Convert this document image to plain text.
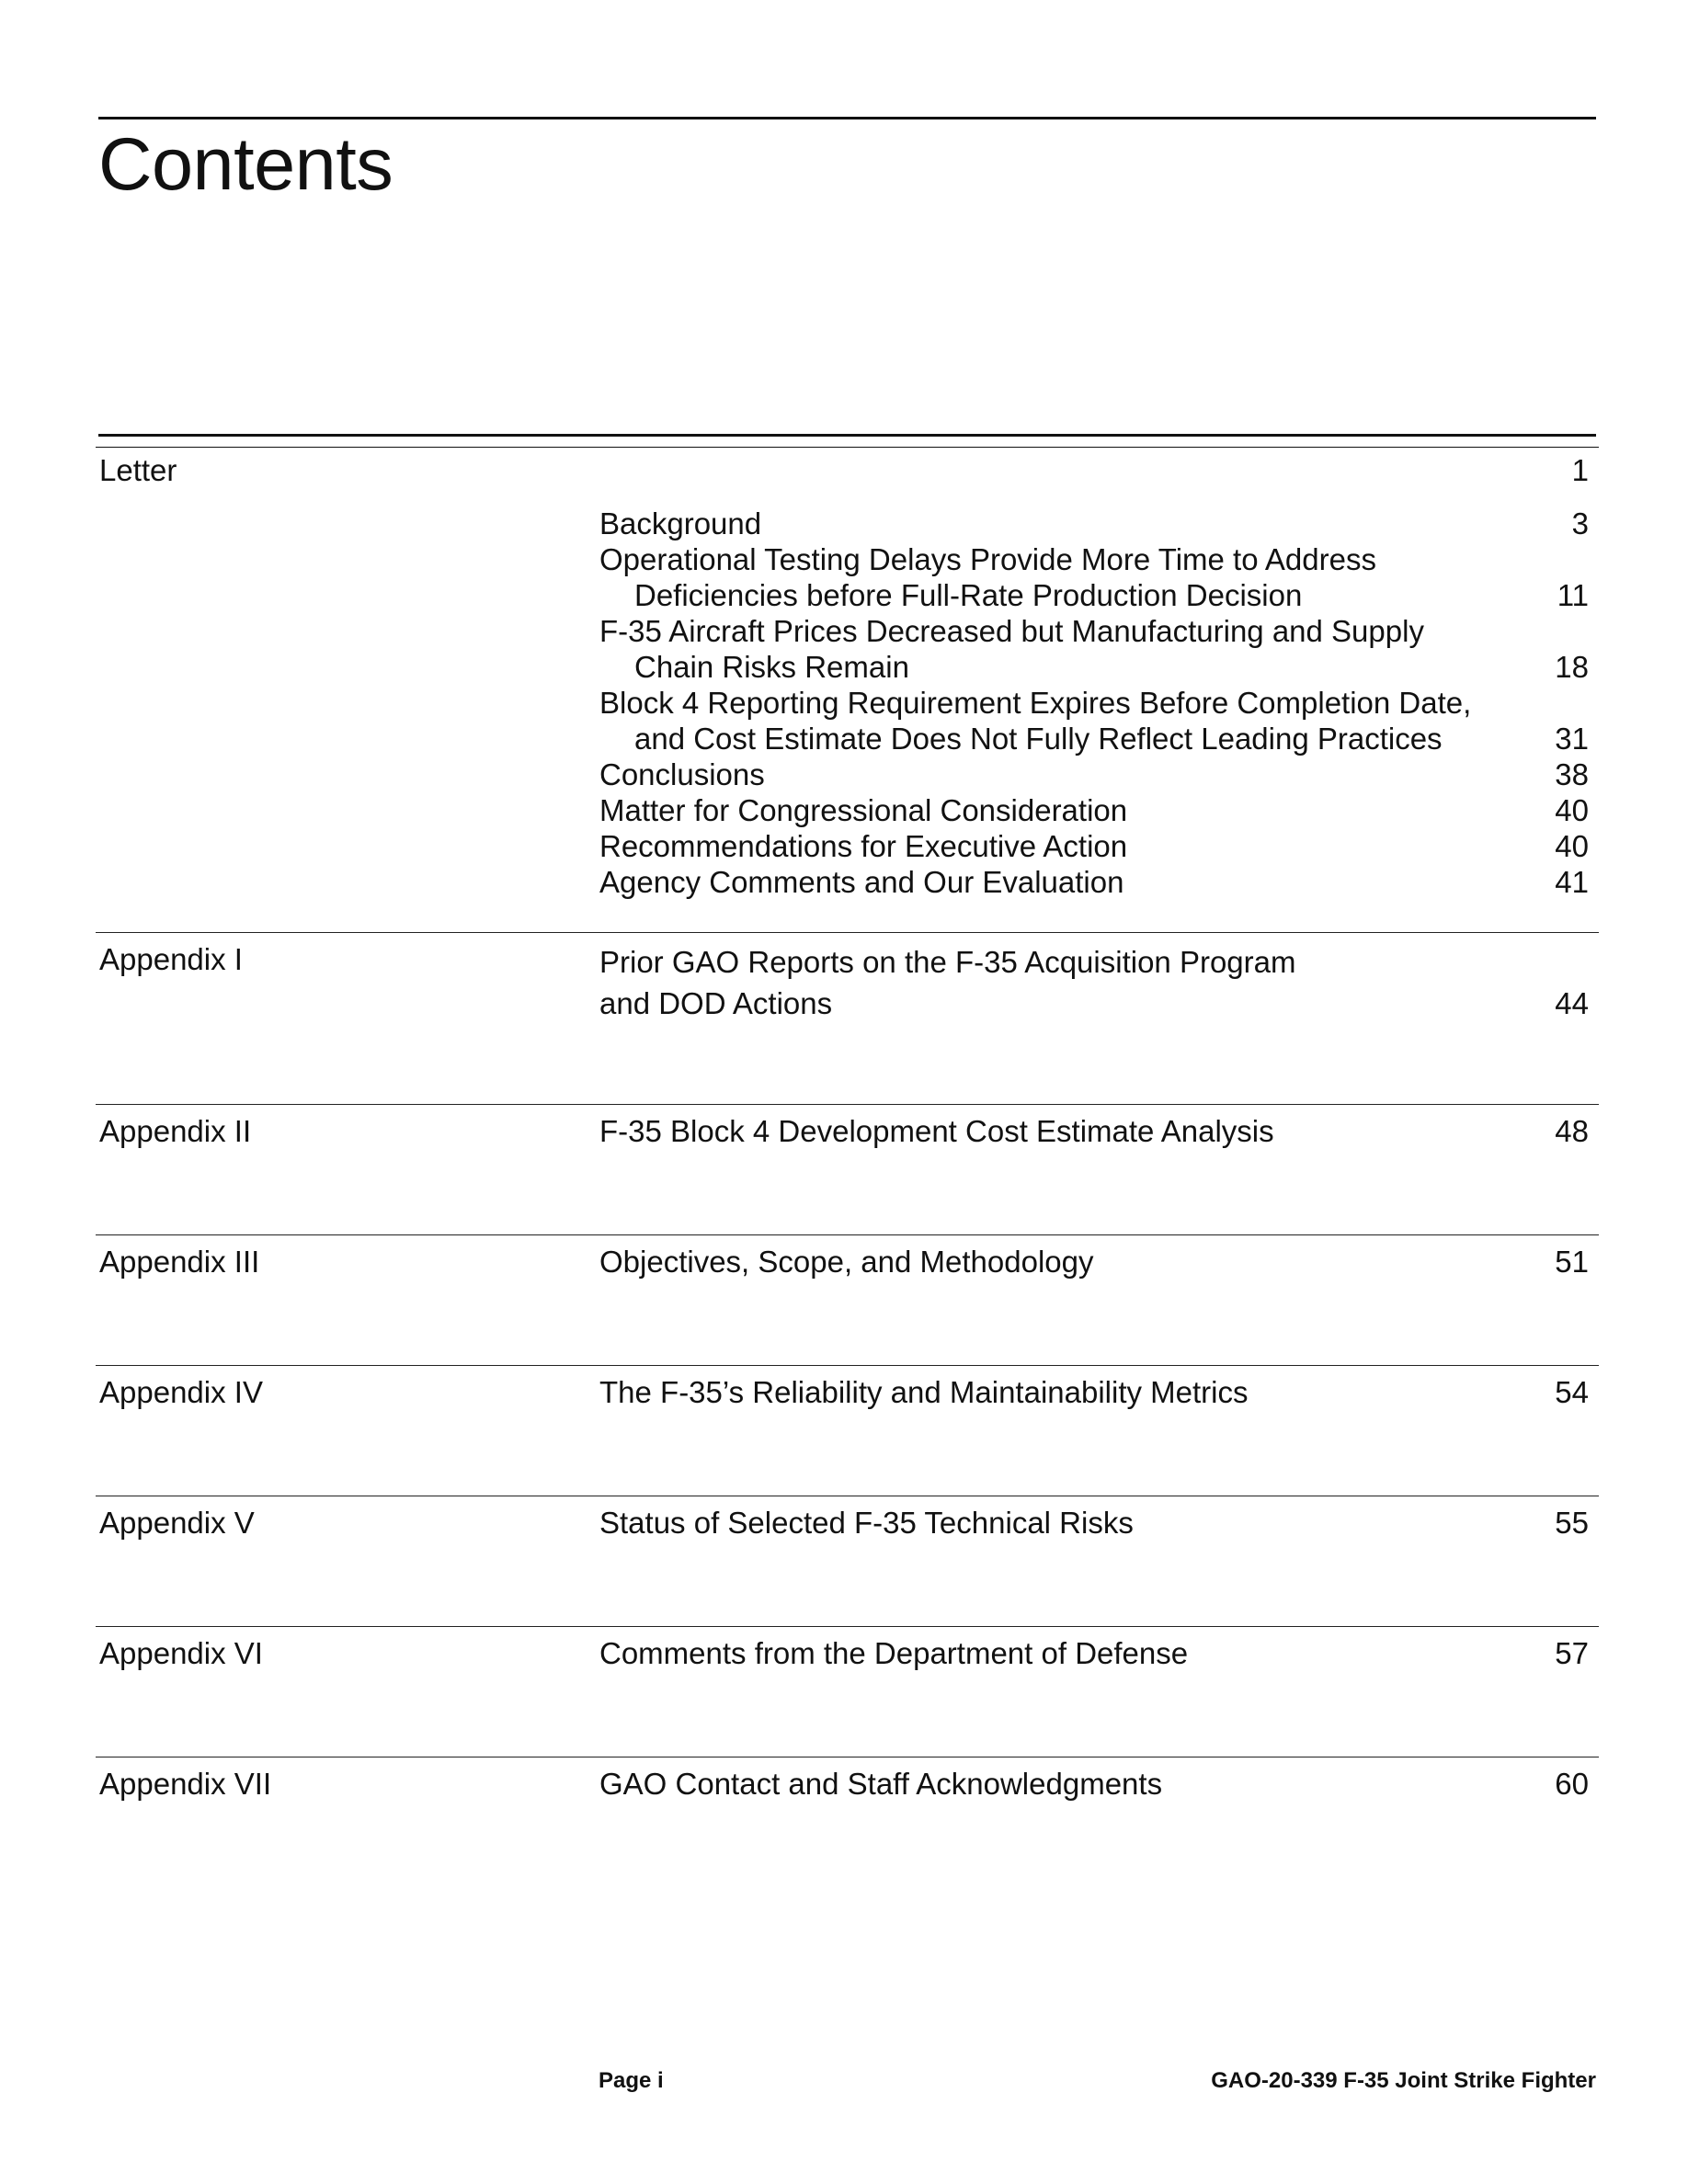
Contents
Letter	1
Background	3
Operational Testing Delays Provide More Time to Address
Deficiencies before Full-Rate Production Decision	11
F-35 Aircraft Prices Decreased but Manufacturing and Supply
Chain Risks Remain	18
Block 4 Reporting Requirement Expires Before Completion Date,
and Cost Estimate Does Not Fully Reflect Leading Practices	31
Conclusions	38
Matter for Congressional Consideration	40
Recommendations for Executive Action	40
Agency Comments and Our Evaluation	41
Appendix I	Prior GAO Reports on the F-35 Acquisition Program
and DOD Actions	44
Appendix II	F-35 Block 4 Development Cost Estimate Analysis	48
Appendix III	Objectives, Scope, and Methodology	51
Appendix IV	The F-35’s Reliability and Maintainability Metrics	54
Appendix V	Status of Selected F-35 Technical Risks	55
Appendix VI	Comments from the Department of Defense	57
Appendix VII	GAO Contact and Staff Acknowledgments	60
Page i	GAO-20-339 F-35 Joint Strike Fighter
